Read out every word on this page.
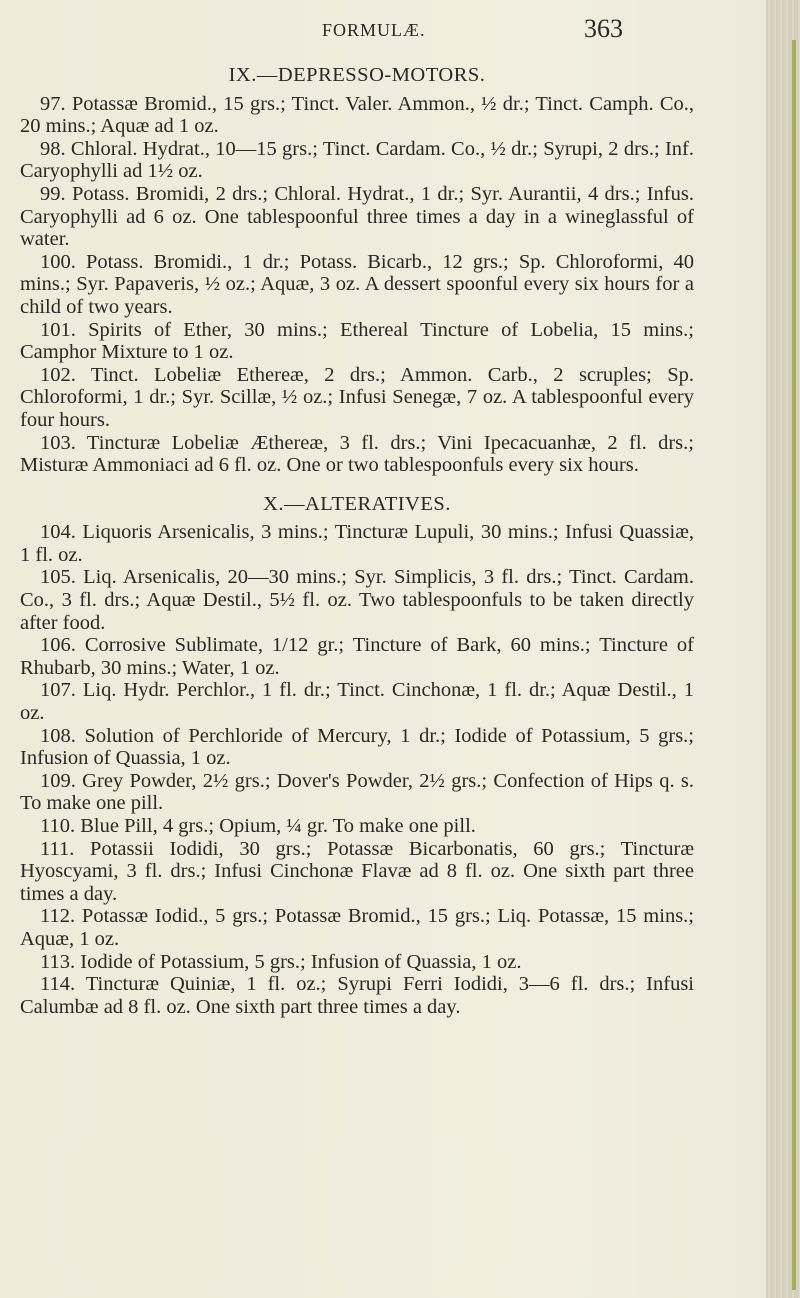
FORMULÆ.	363
IX.—DEPRESSO-MOTORS.

97. Potassæ Bromid., 15 grs.; Tinct. Valer. Ammon., ½ dr.; Tinct. Camph. Co., 20 mins.; Aquæ ad 1 oz.

98. Chloral. Hydrat., 10—15 grs.; Tinct. Cardam. Co., ½ dr.; Syrupi, 2 drs.; Inf. Caryophylli ad 1½ oz.

99. Potass. Bromidi, 2 drs.; Chloral. Hydrat., 1 dr.; Syr. Aurantii, 4 drs.; Infus. Caryophylli ad 6 oz. One tablespoonful three times a day in a wineglassful of water.

100. Potass. Bromidi., 1 dr.; Potass. Bicarb., 12 grs.; Sp. Chloroformi, 40 mins.; Syr. Papaveris, ½ oz.; Aquæ, 3 oz. A dessert spoonful every six hours for a child of two years.

101. Spirits of Ether, 30 mins.; Ethereal Tincture of Lobelia, 15 mins.; Camphor Mixture to 1 oz.

102. Tinct. Lobeliæ Ethereæ, 2 drs.; Ammon. Carb., 2 scruples; Sp. Chloroformi, 1 dr.; Syr. Scillæ, ½ oz.; Infusi Senegæ, 7 oz. A tablespoonful every four hours.

103. Tincturæ Lobeliæ Æthereæ, 3 fl. drs.; Vini Ipecacuanhæ, 2 fl. drs.; Misturæ Ammoniaci ad 6 fl. oz. One or two tablespoonfuls every six hours.

X.—ALTERATIVES.

104. Liquoris Arsenicalis, 3 mins.; Tincturæ Lupuli, 30 mins.; Infusi Quassiæ, 1 fl. oz.

105. Liq. Arsenicalis, 20—30 mins.; Syr. Simplicis, 3 fl. drs.; Tinct. Cardam. Co., 3 fl. drs.; Aquæ Destil., 5½ fl. oz. Two tablespoonfuls to be taken directly after food.

106. Corrosive Sublimate, 1/12 gr.; Tincture of Bark, 60 mins.; Tincture of Rhubarb, 30 mins.; Water, 1 oz.

107. Liq. Hydr. Perchlor., 1 fl. dr.; Tinct. Cinchonæ, 1 fl. dr.; Aquæ Destil., 1 oz.

108. Solution of Perchloride of Mercury, 1 dr.; Iodide of Potassium, 5 grs.; Infusion of Quassia, 1 oz.

109. Grey Powder, 2½ grs.; Dover's Powder, 2½ grs.; Confection of Hips q. s. To make one pill.

110. Blue Pill, 4 grs.; Opium, ¼ gr. To make one pill.

111. Potassii Iodidi, 30 grs.; Potassæ Bicarbonatis, 60 grs.; Tincturæ Hyoscyami, 3 fl. drs.; Infusi Cinchonæ Flavæ ad 8 fl. oz. One sixth part three times a day.

112. Potassæ Iodid., 5 grs.; Potassæ Bromid., 15 grs.; Liq. Potassæ, 15 mins.; Aquæ, 1 oz.

113. Iodide of Potassium, 5 grs.; Infusion of Quassia, 1 oz.

114. Tincturæ Quiniæ, 1 fl. oz.; Syrupi Ferri Iodidi, 3—6 fl. drs.; Infusi Calumbæ ad 8 fl. oz. One sixth part three times a day.
